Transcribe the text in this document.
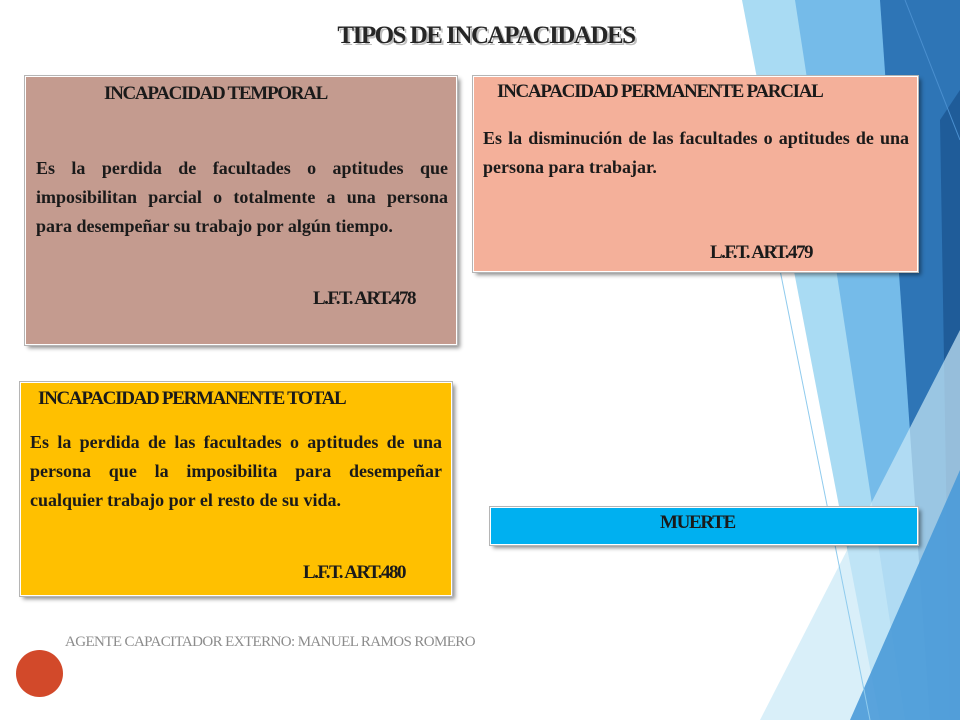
TIPOS DE INCAPACIDADES
INCAPACIDAD TEMPORAL
Es la perdida de facultades o aptitudes que imposibilitan parcial o totalmente a una persona para desempeñar su trabajo por algún tiempo.
L.F.T. ART.478
INCAPACIDAD PERMANENTE PARCIAL
Es la disminución de las facultades o aptitudes de una persona para trabajar.
L.F.T. ART.479
INCAPACIDAD PERMANENTE TOTAL
Es la perdida de las facultades o aptitudes de una persona que la imposibilita para desempeñar cualquier trabajo por el resto de su vida.
L.F.T. ART.480
MUERTE
AGENTE CAPACITADOR EXTERNO: MANUEL RAMOS ROMERO
